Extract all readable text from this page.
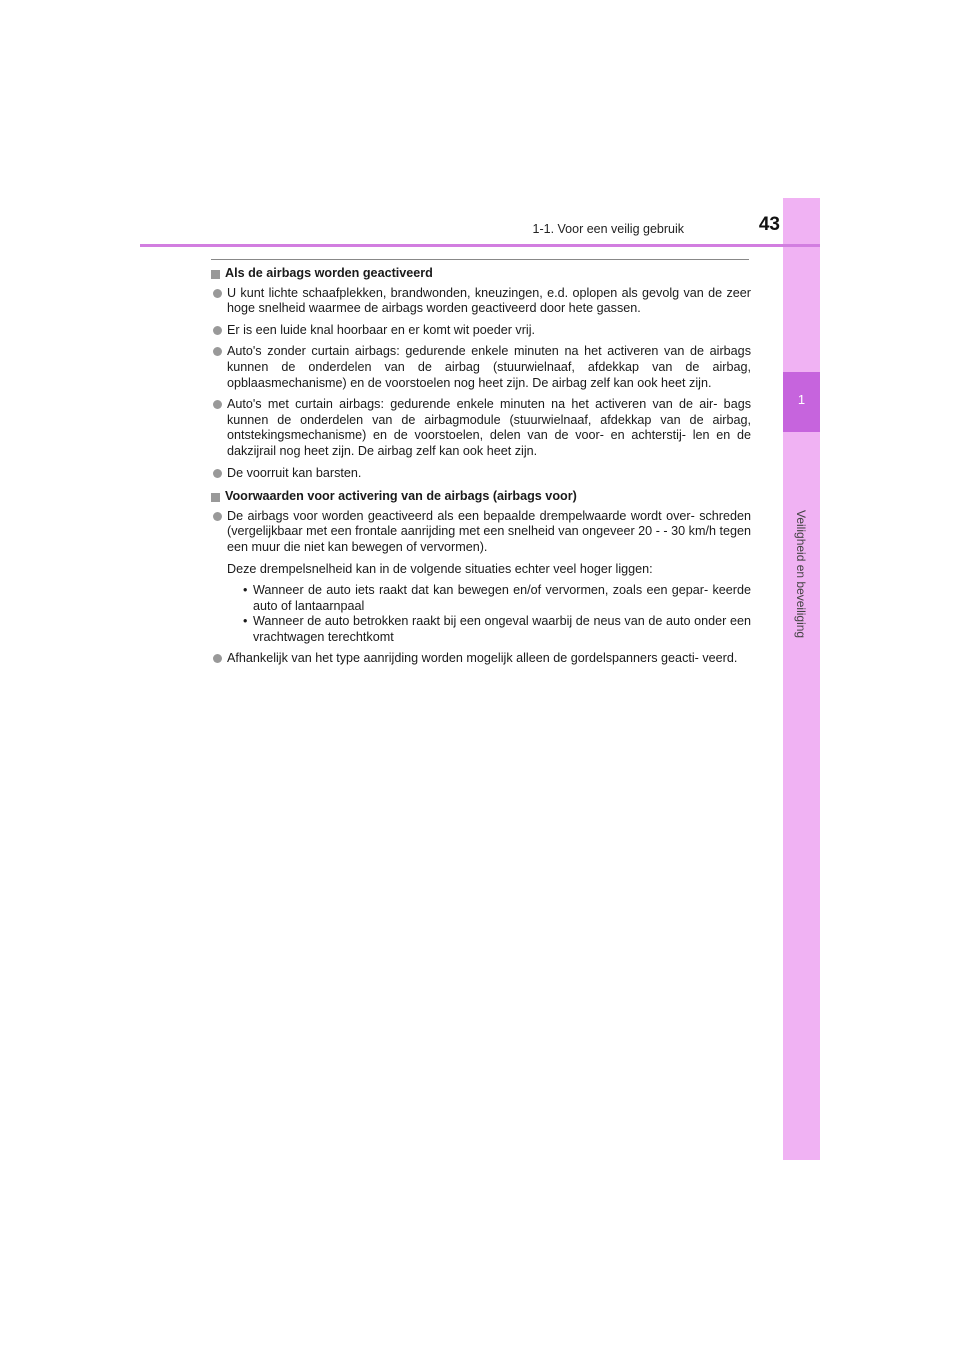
1
Veiligheid en beveiliging
1-1. Voor een veilig gebruik	43
Als de airbags worden geactiveerd
U kunt lichte schaafplekken, brandwonden, kneuzingen, e.d. oplopen als gevolg van de zeer hoge snelheid waarmee de airbags worden geactiveerd door hete gassen.
Er is een luide knal hoorbaar en er komt wit poeder vrij.
Auto's zonder curtain airbags: gedurende enkele minuten na het activeren van de airbags kunnen de onderdelen van de airbag (stuurwielnaaf, afdekkap van de airbag, opblaasmechanisme) en de voorstoelen nog heet zijn. De airbag zelf kan ook heet zijn.
Auto's met curtain airbags: gedurende enkele minuten na het activeren van de air- bags kunnen de onderdelen van de airbagmodule (stuurwielnaaf, afdekkap van de airbag, ontstekingsmechanisme) en de voorstoelen, delen van de voor- en achterstij- len en de dakzijrail nog heet zijn. De airbag zelf kan ook heet zijn.
De voorruit kan barsten.
Voorwaarden voor activering van de airbags (airbags voor)
De airbags voor worden geactiveerd als een bepaalde drempelwaarde wordt over- schreden (vergelijkbaar met een frontale aanrijding met een snelheid van ongeveer 20 - - 30 km/h tegen een muur die niet kan bewegen of vervormen).
Deze drempelsnelheid kan in de volgende situaties echter veel hoger liggen:
• Wanneer de auto iets raakt dat kan bewegen en/of vervormen, zoals een gepar- keerde auto of lantaarnpaal
• Wanneer de auto betrokken raakt bij een ongeval waarbij de neus van de auto onder een vrachtwagen terechtkomt
Afhankelijk van het type aanrijding worden mogelijk alleen de gordelspanners geacti- veerd.
